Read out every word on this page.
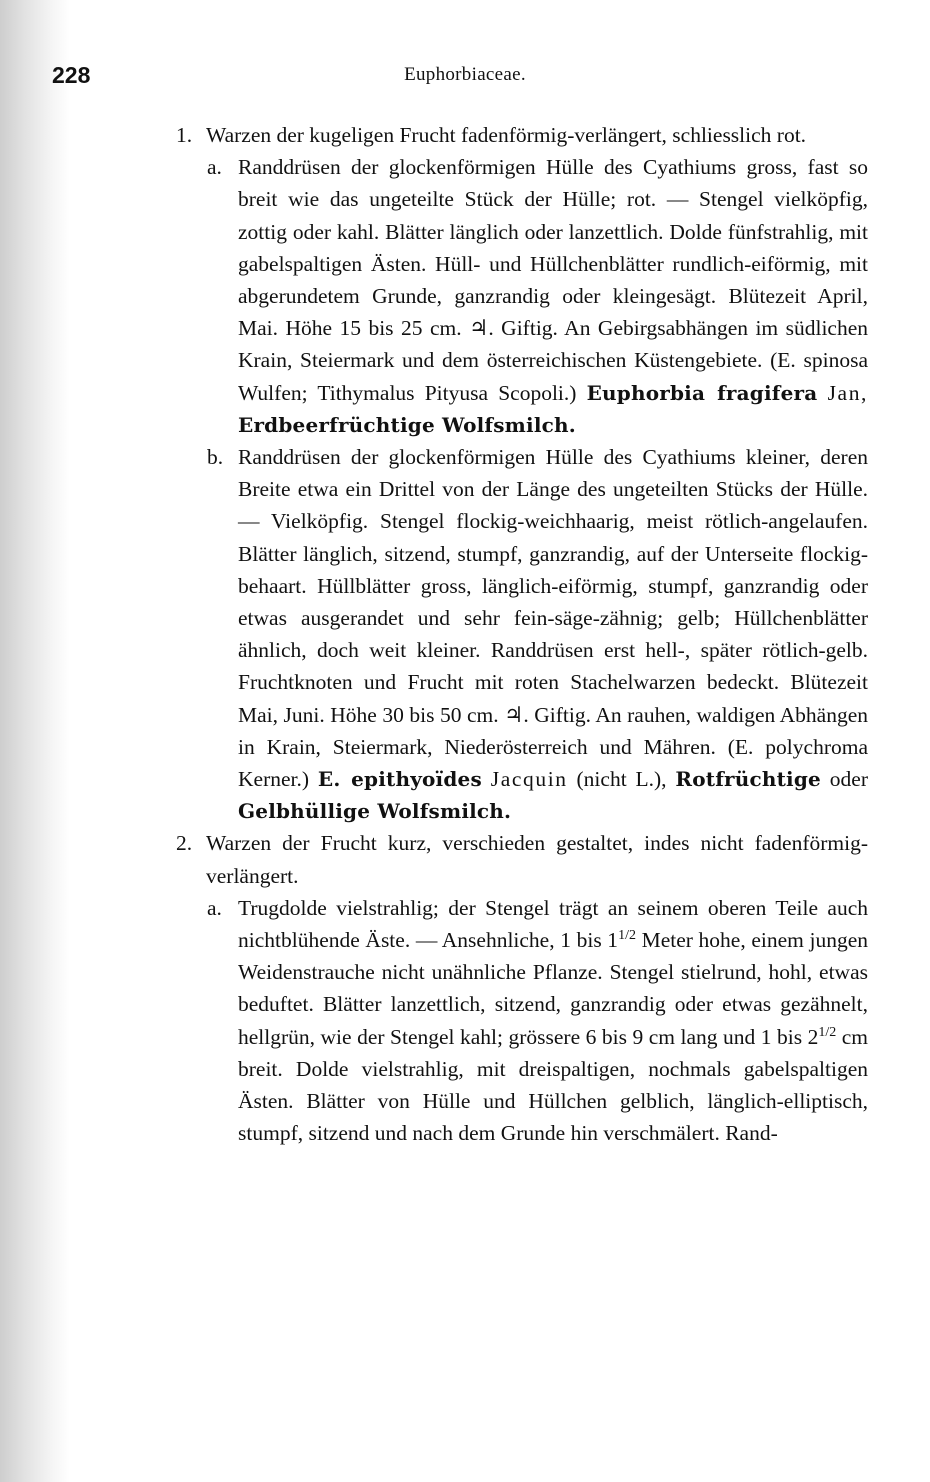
228	Euphorbiaceae.
1. Warzen der kugeligen Frucht fadenförmig-verlängert, schliesslich rot.
a. Randdrüsen der glockenförmigen Hülle des Cyathiums gross, fast so breit wie das ungeteilte Stück der Hülle; rot. — Stengel vielköpfig, zottig oder kahl. Blätter länglich oder lanzettlich. Dolde fünfstrahlig, mit gabelspaltigen Ästen. Hüll- und Hüllchenblätter rundlich-eiförmig, mit abgerundetem Grunde, ganzrandig oder kleingesägt. Blütezeit April, Mai. Höhe 15 bis 25 cm. ♃. Giftig. An Gebirgsabhängen im südlichen Krain, Steiermark und dem österreichischen Küstengebiete. (E. spinosa Wulfen; Tithymalus Pityusa Scopoli.) Euphorbia fragifera Jan, Erdbeerfrüchtige Wolfsmilch.
b. Randdrüsen der glockenförmigen Hülle des Cyathiums kleiner, deren Breite etwa ein Drittel von der Länge des ungeteilten Stücks der Hülle. — Vielköpfig. Stengel flockig-weichhaarig, meist rötlich-angelaufen. Blätter länglich, sitzend, stumpf, ganzrandig, auf der Unterseite flockig-behaart. Hüllblätter gross, länglich-eiförmig, stumpf, ganzrandig oder etwas ausgerandet und sehr fein-säge-zähnig; gelb; Hüllchenblätter ähnlich, doch weit kleiner. Randdrüsen erst hell-, später rötlich-gelb. Fruchtknoten und Frucht mit roten Stachelwarzen bedeckt. Blütezeit Mai, Juni. Höhe 30 bis 50 cm. ♃. Giftig. An rauhen, waldigen Abhängen in Krain, Steiermark, Niederösterreich und Mähren. (E. polychroma Kerner.) E. epithyoïdes Jacquin (nicht L.), Rotfrüchtige oder Gelbhüllige Wolfsmilch.
2. Warzen der Frucht kurz, verschieden gestaltet, indes nicht fadenförmig-verlängert.
a. Trugdolde vielstrahlig; der Stengel trägt an seinem oberen Teile auch nichtblühende Äste. — Ansehnliche, 1 bis $1^{1/2}$ Meter hohe, einem jungen Weidenstrauche nicht unähnliche Pflanze. Stengel stielrund, hohl, etwas beduftet. Blätter lanzettlich, sitzend, ganzrandig oder etwas gezähnelt, hellgrün, wie der Stengel kahl; grössere 6 bis 9 cm lang und 1 bis $2^{1/2}$ cm breit. Dolde vielstrahlig, mit dreispaltigen, nochmals gabelspaltigen Ästen. Blätter von Hülle und Hüllchen gelblich, länglich-elliptisch, stumpf, sitzend und nach dem Grunde hin verschmälert. Rand-
